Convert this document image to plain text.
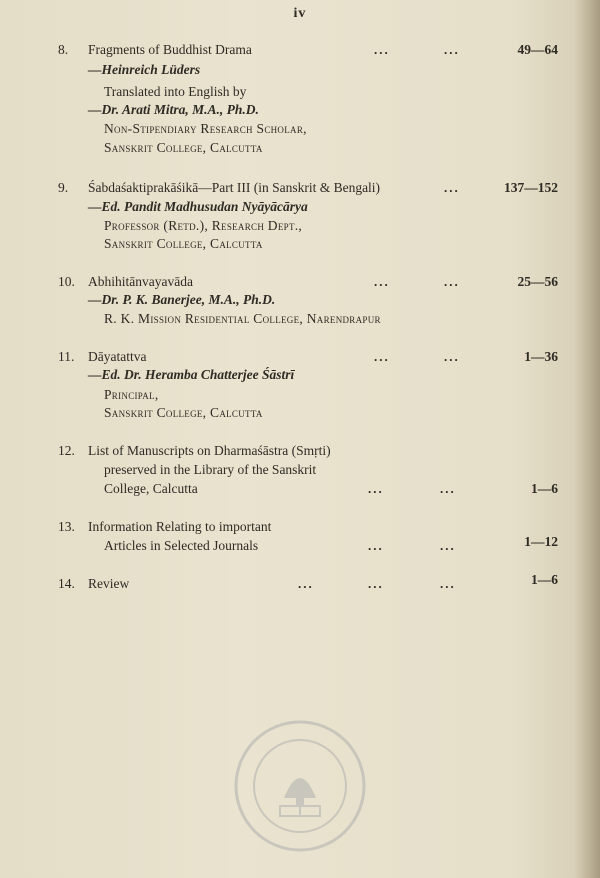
iv
8. Fragments of Buddhist Drama	...	...	49—64
—Heinreich Lüders
Translated into English by
—Dr. Arati Mitra, M.A., Ph.D.
Non-Stipendiary Research Scholar,
Sanskrit College, Calcutta
9. Śabdaśaktiprakāśikā—Part III (in Sanskrit & Bengali)	...	137—152
—Ed. Pandit Madhusudan Nyāyācārya
Professor (Retd.), Research Dept.,
Sanskrit College, Calcutta
10. Abhihitānvayavāda	...	...	25—56
—Dr. P. K. Banerjee, M.A., Ph.D.
R. K. Mission Residential College, Narendrapur
11. Dāyatattva	...	...	1—36
—Ed. Dr. Heramba Chatterjee Śāstrī
Principal,
Sanskrit College, Calcutta
12. List of Manuscripts on Dharmaśāstra (Smṛti)
preserved in the Library of the Sanskrit
College, Calcutta	...	...	1—6
13. Information Relating to important
Articles in Selected Journals	...	...	1—12
14. Review	...	...	...	1—6
